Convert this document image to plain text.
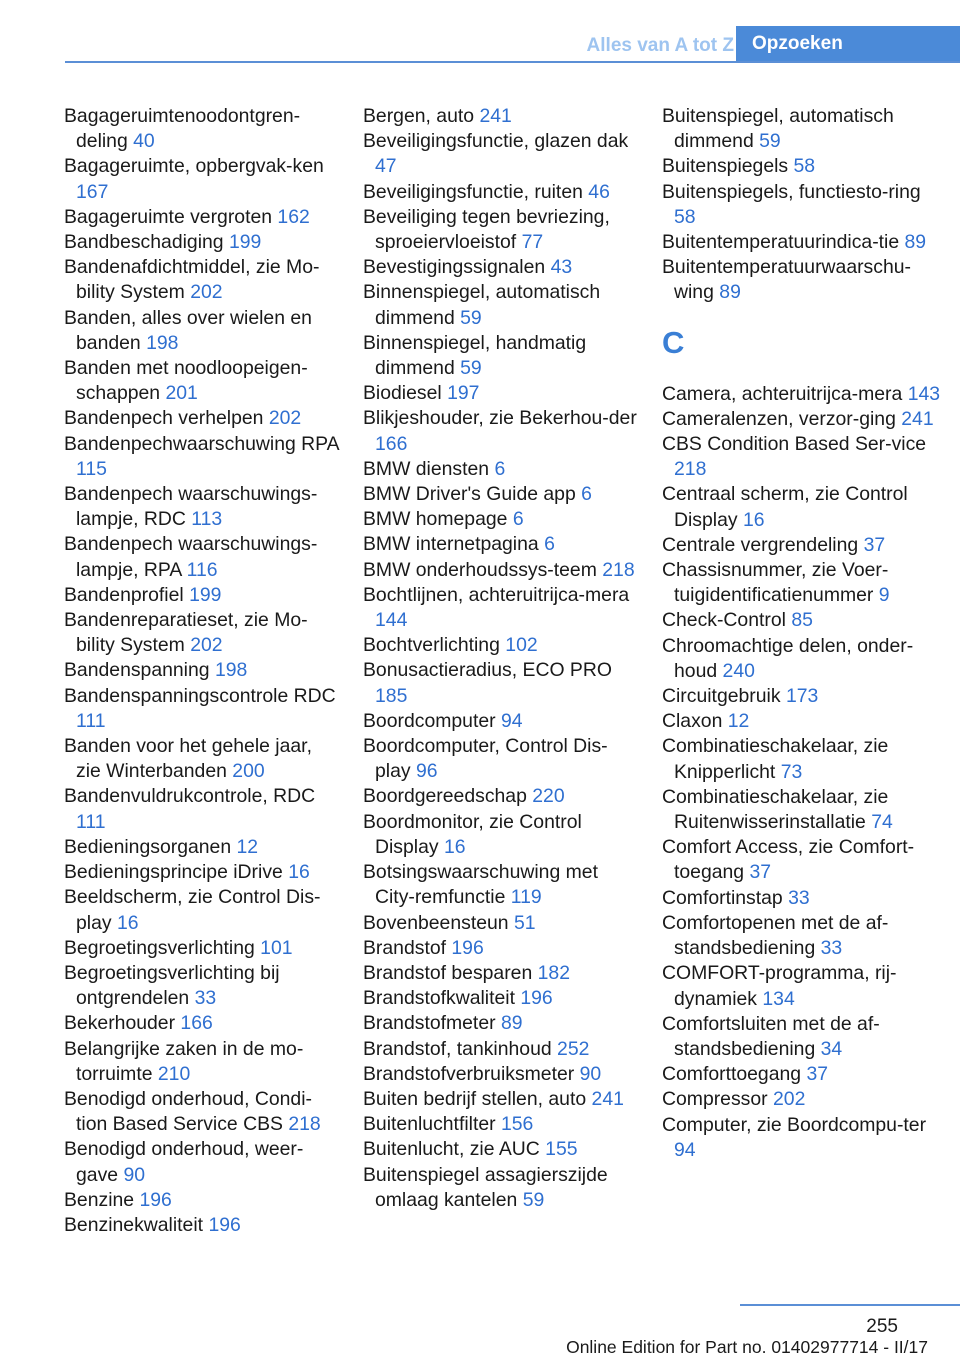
Alles van A tot Z Opzoeken

Bagageruimtenoodontgren-deling 40

Bagageruimte, opbergvak-ken 167

Bagageruimte vergroten 162

Bandbeschadiging 199

Bandenafdichtmiddel, zie Mo-bility System 202

Banden, alles over wielen en banden 198

Banden met noodloopeigen-schappen 201

Bandenpech verhelpen 202

Bandenpechwaarschuwing RPA 115

Bandenpech waarschuwings-lampje, RDC 113

Bandenpech waarschuwings-lampje, RPA 116

Bandenprofiel 199

Bandenreparatieset, zie Mo-bility System 202

Bandenspanning 198

Bandenspanningscontrole RDC 111

Banden voor het gehele jaar, zie Winterbanden 200

Bandenvuldrukcontrole, RDC 111

Bedieningsorganen 12

Bedieningsprincipe iDrive 16

Beeldscherm, zie Control Dis-play 16

Begroetingsverlichting 101

Begroetingsverlichting bij ontgrendelen 33

Bekerhouder 166

Belangrijke zaken in de mo-torruimte 210

Benodigd onderhoud, Condi-tion Based Service CBS 218

Benodigd onderhoud, weer-gave 90

Benzine 196

Benzinekwaliteit 196

Bergen, auto 241

Beveiligingsfunctie, glazen dak 47

Beveiligingsfunctie, ruiten 46

Beveiliging tegen bevriezing, sproeiervloeistof 77

Bevestigingssignalen 43

Binnenspiegel, automatisch dimmend 59

Binnenspiegel, handmatig dimmend 59

Biodiesel 197

Blikjeshouder, zie Bekerhou-der 166

BMW diensten 6

BMW Driver's Guide app 6

BMW homepage 6

BMW internetpagina 6

BMW onderhoudssys-teem 218

Bochtlijnen, achteruitrijca-mera 144

Bochtverlichting 102

Bonusactieradius, ECO PRO 185

Boordcomputer 94

Boordcomputer, Control Dis-play 96

Boordgereedschap 220

Boordmonitor, zie Control Display 16

Botsingswaarschuwing met City-remfunctie 119

Bovenbeensteun 51

Brandstof 196

Brandstof besparen 182

Brandstofkwaliteit 196

Brandstofmeter 89

Brandstof, tankinhoud 252

Brandstofverbruiksmeter 90

Buiten bedrijf stellen, auto 241

Buitenluchtfilter 156

Buitenlucht, zie AUC 155

Buitenspiegel assagierszijde omlaag kantelen 59

Buitenspiegel, automatisch dimmend 59

Buitenspiegels 58

Buitenspiegels, functiesto-ring 58

Buitentemperatuurindica-tie 89

Buitentemperatuurwaarschu-wing 89

C

Camera, achteruitrijca-mera 143

Cameralenzen, verzor-ging 241

CBS Condition Based Ser-vice 218

Centraal scherm, zie Control Display 16

Centrale vergrendeling 37

Chassisnummer, zie Voer-tuigidentificatienummer 9

Check-Control 85

Chroomachtige delen, onder-houd 240

Circuitgebruik 173

Claxon 12

Combinatieschakelaar, zie Knipperlicht 73

Combinatieschakelaar, zie Ruitenwisserinstallatie 74

Comfort Access, zie Comfort-toegang 37

Comfortinstap 33

Comfortopenen met de af-standsbediening 33

COMFORT-programma, rij-dynamiek 134

Comfortsluiten met de af-standsbediening 34

Comforttoegang 37

Compressor 202

Computer, zie Boordcompu-ter 94

255
Online Edition for Part no. 01402977714 - II/17
